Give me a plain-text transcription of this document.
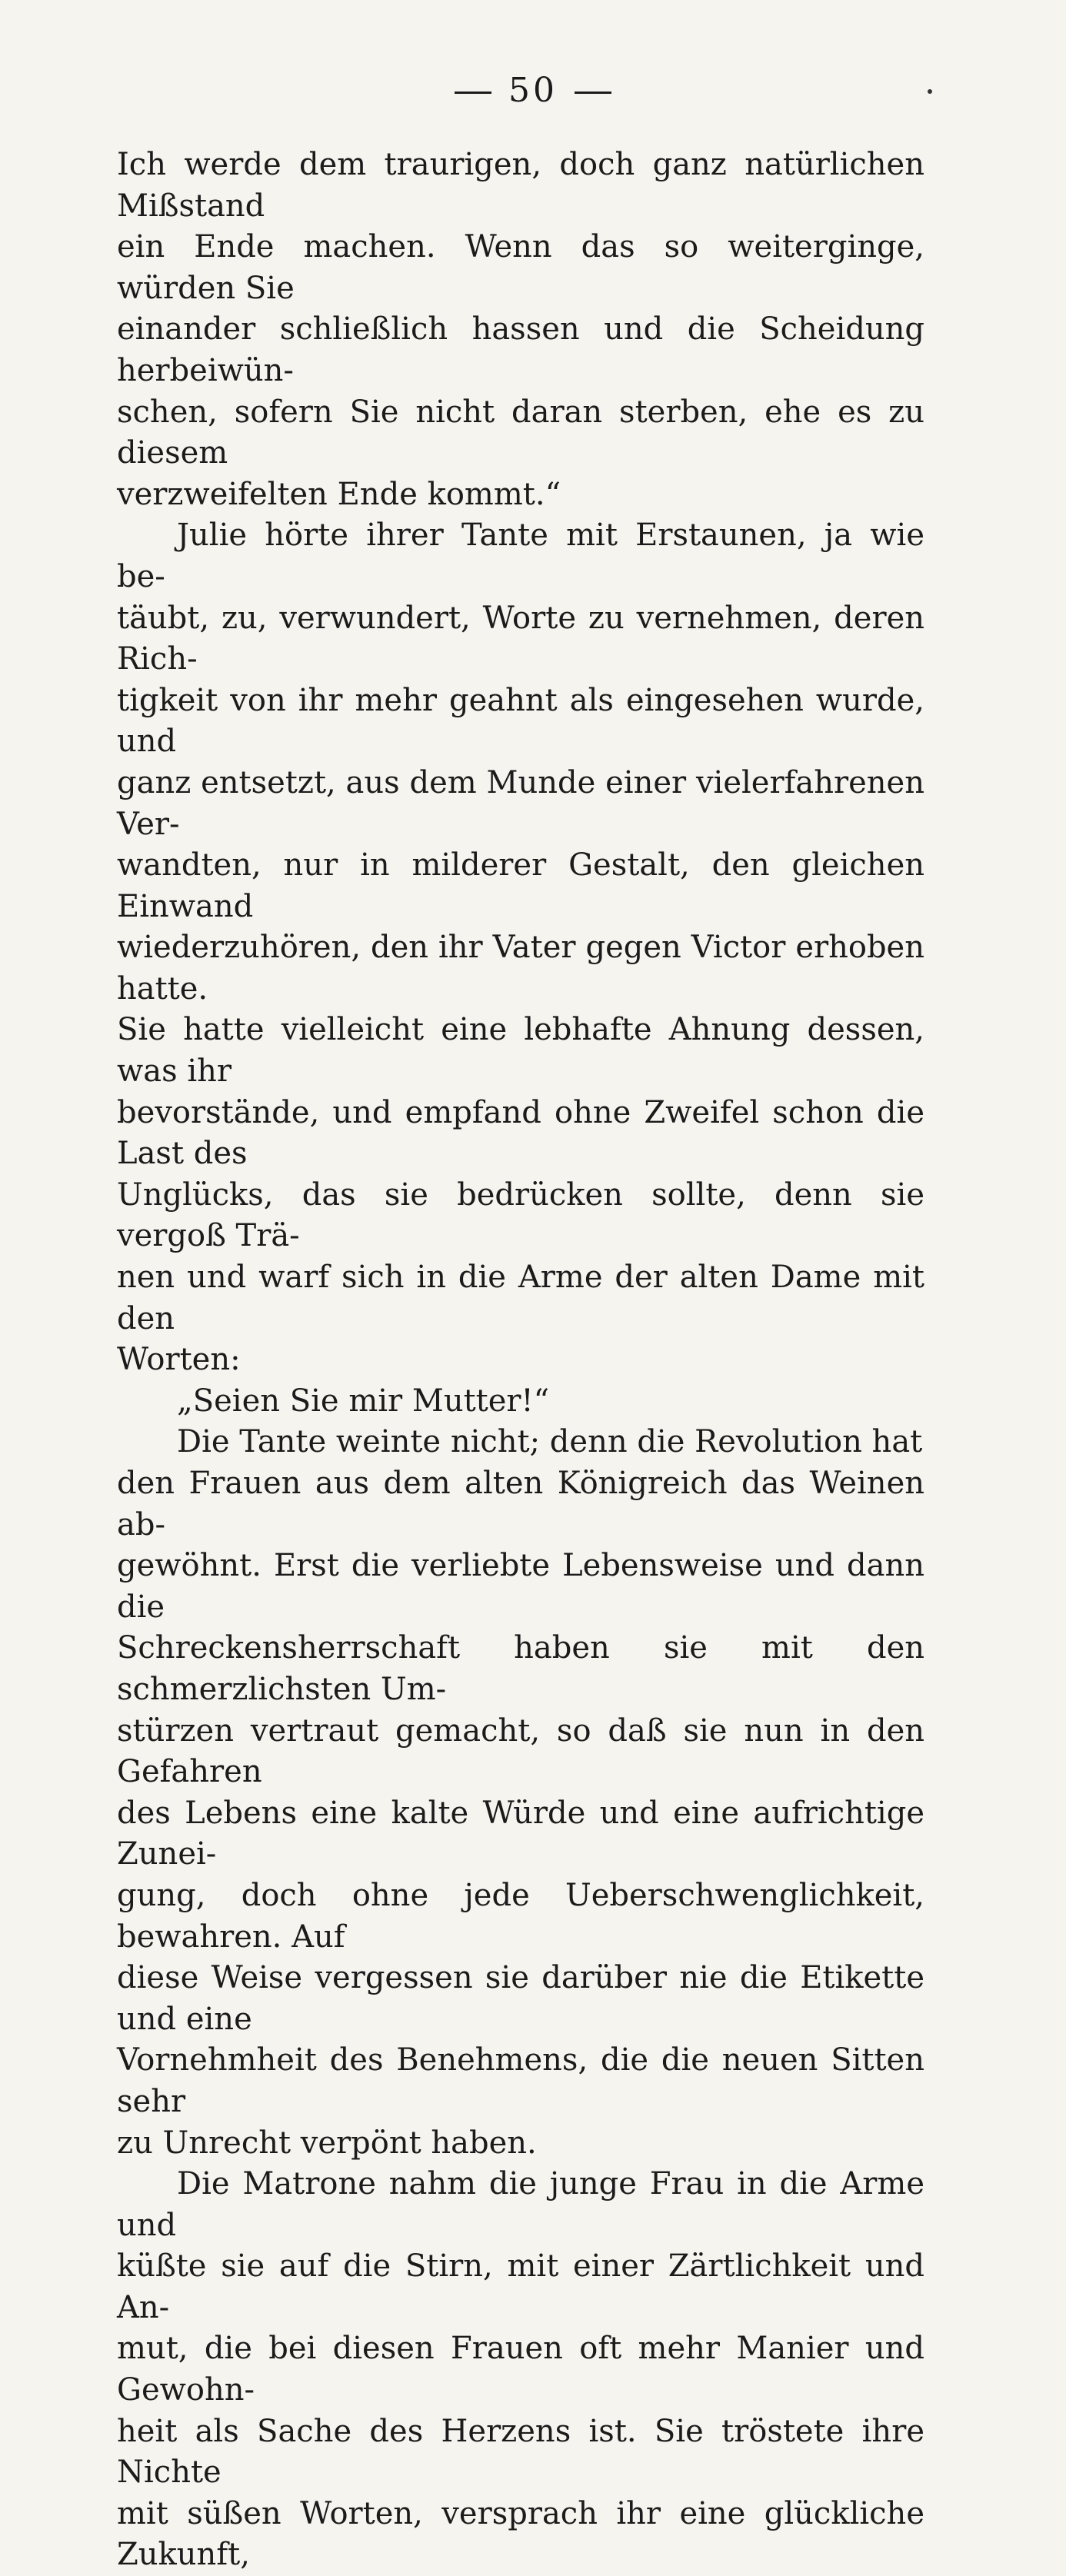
50

Ich werde dem traurigen, doch ganz natürlichen Mißstand

ein Ende machen. Wenn das so weiterginge, würden Sie

einander schließlich hassen und die Scheidung herbeiwün-

schen, sofern Sie nicht daran sterben, ehe es zu diesem

verzweifelten Ende kommt.“

Julie hörte ihrer Tante mit Erstaunen, ja wie be-

täubt, zu, verwundert, Worte zu vernehmen, deren Rich-

tigkeit von ihr mehr geahnt als eingesehen wurde, und

ganz entsetzt, aus dem Munde einer vielerfahrenen Ver-

wandten, nur in milderer Gestalt, den gleichen Einwand

wiederzuhören, den ihr Vater gegen Victor erhoben hatte.

Sie hatte vielleicht eine lebhafte Ahnung dessen, was ihr

bevorstände, und empfand ohne Zweifel schon die Last des

Unglücks, das sie bedrücken sollte, denn sie vergoß Trä-

nen und warf sich in die Arme der alten Dame mit den

Worten:

„Seien Sie mir Mutter!“

Die Tante weinte nicht; denn die Revolution hat

den Frauen aus dem alten Königreich das Weinen ab-

gewöhnt. Erst die verliebte Lebensweise und dann die

Schreckensherrschaft haben sie mit den schmerzlichsten Um-

stürzen vertraut gemacht, so daß sie nun in den Gefahren

des Lebens eine kalte Würde und eine aufrichtige Zunei-

gung, doch ohne jede Ueberschwenglichkeit, bewahren. Auf

diese Weise vergessen sie darüber nie die Etikette und eine

Vornehmheit des Benehmens, die die neuen Sitten sehr

zu Unrecht verpönt haben.

Die Matrone nahm die junge Frau in die Arme und

küßte sie auf die Stirn, mit einer Zärtlichkeit und An-

mut, die bei diesen Frauen oft mehr Manier und Gewohn-

heit als Sache des Herzens ist. Sie tröstete ihre Nichte

mit süßen Worten, versprach ihr eine glückliche Zukunft,
